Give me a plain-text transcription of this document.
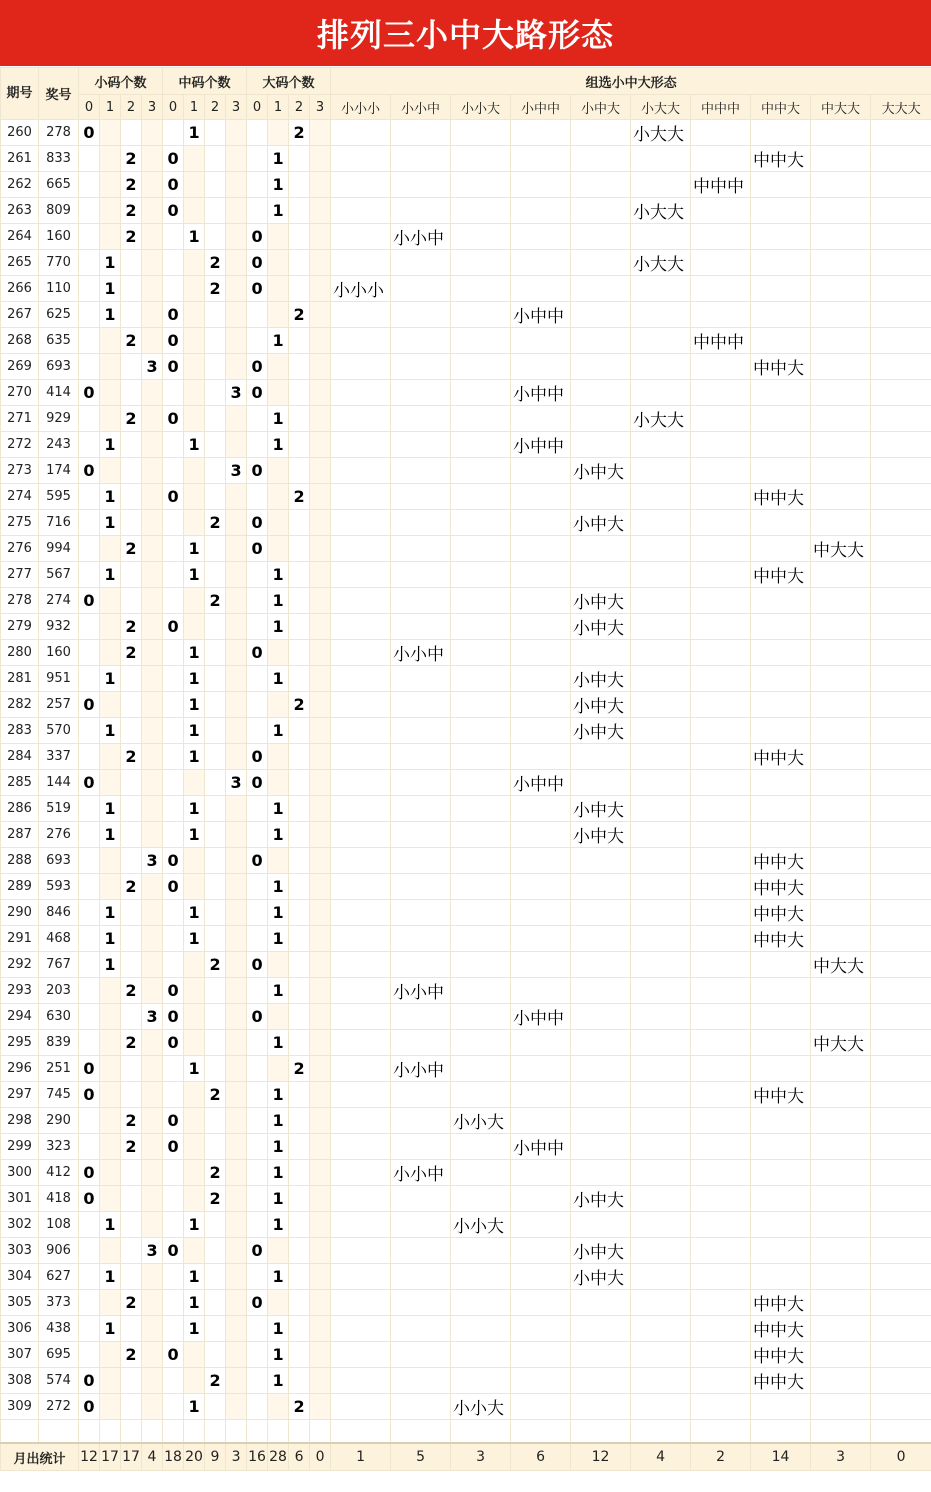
排列三小中大路形态
期号	奖号	小码个数				中码个数				大码个数				组选小中大形态									
		0	1	2	3	0	1	2	3	0	1	2	3	小小小	小小中	小小大	小中中	小中大	小大大	中中中	中中大	中大大	大大大
260	278	0					1					2							小大大				
261	833			2		0					1										中中大		
262	665			2		0					1									中中中			
263	809			2		0					1								小大大				
264	160			2			1			0					小小中								
265	770		1					2		0									小大大				
266	110		1					2		0				小小小									
267	625		1			0						2					小中中						
268	635			2		0					1									中中中			
269	693				3	0				0											中中大		
270	414	0							3	0							小中中						
271	929			2		0					1								小大大				
272	243		1				1				1						小中中						
273	174	0							3	0								小中大					
274	595		1			0						2									中中大		
275	716		1					2		0								小中大					
276	994			2			1			0												中大大	
277	567		1				1				1										中中大		
278	274	0						2			1							小中大					
279	932			2		0					1							小中大					
280	160			2			1			0					小小中								
281	951		1				1				1							小中大					
282	257	0					1					2						小中大					
283	570		1				1				1							小中大					
284	337			2			1			0											中中大		
285	144	0							3	0							小中中						
286	519		1				1				1							小中大					
287	276		1				1				1							小中大					
288	693				3	0				0											中中大		
289	593			2		0					1										中中大		
290	846		1				1				1										中中大		
291	468		1				1				1										中中大		
292	767		1					2		0												中大大	
293	203			2		0					1				小小中								
294	630				3	0				0							小中中						
295	839			2		0					1											中大大	
296	251	0					1					2			小小中								
297	745	0						2			1										中中大		
298	290			2		0					1					小小大							
299	323			2		0					1						小中中						
300	412	0						2			1				小小中								
301	418	0						2			1							小中大					
302	108		1				1				1					小小大							
303	906				3	0				0								小中大					
304	627		1				1				1							小中大					
305	373			2			1			0											中中大		
306	438		1				1				1										中中大		
307	695			2		0					1										中中大		
308	574	0						2			1										中中大		
309	272	0					1					2				小小大							

月出统计		12	17	17	4	18	20	9	3	16	28	6	0	1	5	3	6	12	4	2	14	3	0
